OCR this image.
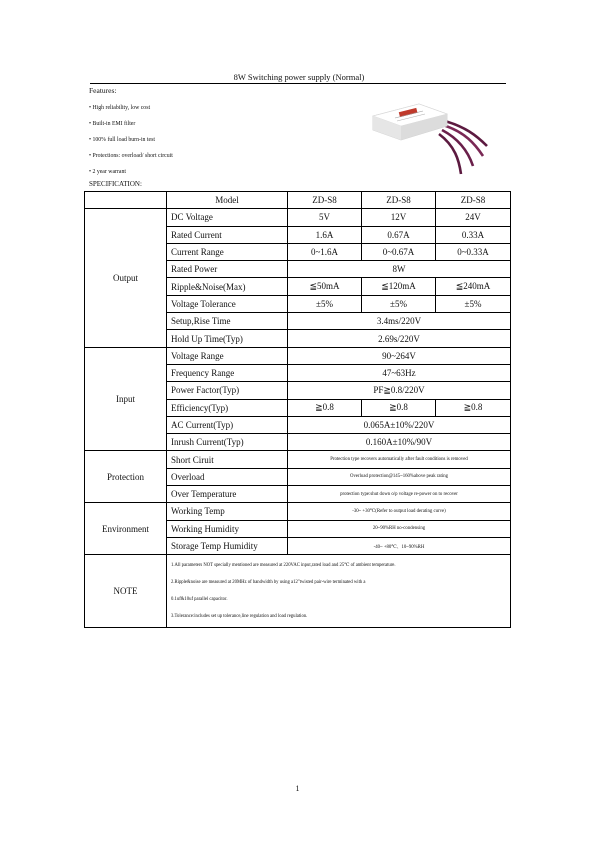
8W Switching power supply (Normal)
Features:
• High reliability, low cost
• Built-in EMI filter
• 100% full load burn-in test
• Protections: overload/ short circuit
• 2 year warrant
SPECIFICATION:
	Model	ZD-S8	ZD-S8	ZD-S8
Output	DC Voltage	5V	12V	24V
	Rated Current	1.6A	0.67A	0.33A
	Current Range	0~1.6A	0~0.67A	0~0.33A
	Rated Power	8W		
	Ripple&Noise(Max)	≦50mA	≦120mA	≦240mA
	Voltage Tolerance	±5%	±5%	±5%
	Setup,Rise Time	3.4ms/220V		
	Hold Up Time(Typ)	2.69s/220V		
Input	Voltage Range	90~264V		
	Frequency Range	47~63Hz		
	Power Factor(Typ)	PF≧0.8/220V		
	Efficiency(Typ)	≧0.8	≧0.8	≧0.8
	AC Current(Typ)	0.065A±10%/220V		
	Inrush Current(Typ)	0.160A±10%/90V		
Protection	Short Ciruit	Protection type recovers automatically after fault conditions is removed		
	Overload	Overload protection@145~160%above peak rating		
	Over Temperature	protection type:shut down o/p voltage re-power on to recover		
Environment	Working Temp	-30~ +30℃(Refer to output load derating curve)		
	Working Humidity	20~90%RH no-condensing		
	Storage Temp Humidity	-40~ +80℃、10~90%RH		
NOTE	1.All parameters NOT specially mentioned are measured at 220VAC input,rated load and 25℃ of ambient temperature.
2.Ripple&noise are measured at 20MHz of bandwidth by using a12"twisted pair-wire terminated with a
0.1uf&10uf parallel capacitor.
3.Tolerance:includes set up tolerance,line regulation and load regulation.			
1
